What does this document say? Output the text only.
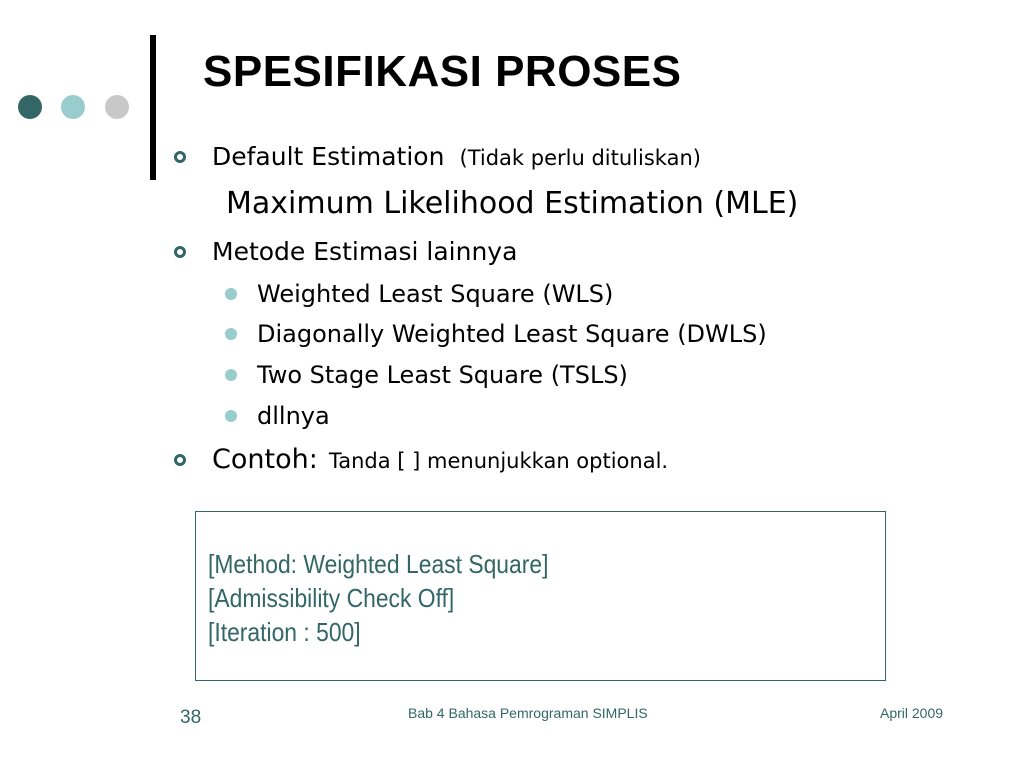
SPESIFIKASI PROSES
Default Estimation (Tidak perlu dituliskan)
Maximum Likelihood Estimation (MLE)
Metode Estimasi lainnya
Weighted Least Square (WLS)
Diagonally Weighted Least Square (DWLS)
Two Stage Least Square (TSLS)
dllnya
Contoh: Tanda [ ] menunjukkan optional.
[Method: Weighted Least Square]
[Admissibility Check Off]
[Iteration : 500]
38	Bab 4 Bahasa Pemrograman SIMPLIS	April 2009
